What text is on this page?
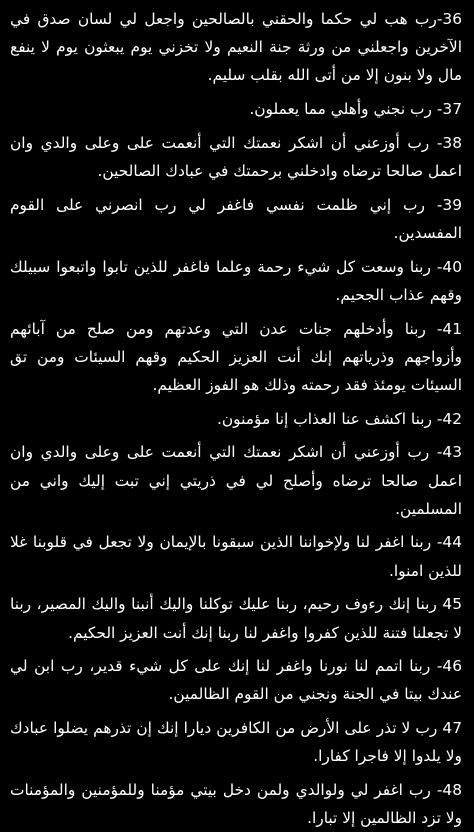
36-رب هب لي حكما والحقني بالصالحين واجعل لي لسان صدق في الآخرين واجعلني من ورثة جنة النعيم ولا تخزني يوم يبعثون يوم لا ينفع مال ولا بنون إلا من أتى الله بقلب سليم.

37- رب نجني وأهلي مما يعملون.

38- رب أوزعني أن اشكر نعمتك التي أنعمت على وعلى والدي وان اعمل صالحا ترضاه وادخلني برحمتك في عبادك الصالحين.

39- رب إني ظلمت نفسي فاغفر لي رب انصرني على القوم المفسدين.

40- ربنا وسعت كل شيء رحمة وعلما فاغفر للذين تابوا واتبعوا سبيلك وقهم عذاب الجحيم.

41- ربنا وأدخلهم جنات عدن التي وعدتهم ومن صلح من آبائهم وأزواجهم وذرياتهم إنك أنت العزيز الحكيم وقهم السيئات ومن تق السيئات يومئذ فقد رحمته وذلك هو الفوز العظيم.

42- ربنا اكشف عنا العذاب إنا مؤمنون.

43- رب أوزعني أن اشكر نعمتك التي أنعمت على وعلى والدي وان اعمل صالحا ترضاه وأصلح لي في ذريتي إني تبت إليك واني من المسلمين.

44- ربنا اغفر لنا ولإخواننا الذين سبقونا بالإيمان ولا تجعل في قلوبنا غلا للذين امنوا.

45 ربنا إنك رءوف رحيم، ربنا عليك توكلنا واليك أنبنا واليك المصير، ربنا لا تجعلنا فتنة للذين كفروا واغفر لنا ربنا إنك أنت العزيز الحكيم.

46- ربنا اتمم لنا نورنا واغفر لنا إنك على كل شيء قدير، رب ابن لي عندك بيتا في الجنة ونجني من القوم الظالمين.

47 رب لا تذر على الأرض من الكافرين ديارا إنك إن تذرهم يضلوا عبادك ولا يلدوا إلا فاجرا كفارا.

48- رب اغفر لي ولوالدي ولمن دخل بيتي مؤمنا وللمؤمنين والمؤمنات ولا تزد الظالمين إلا تبارا.
